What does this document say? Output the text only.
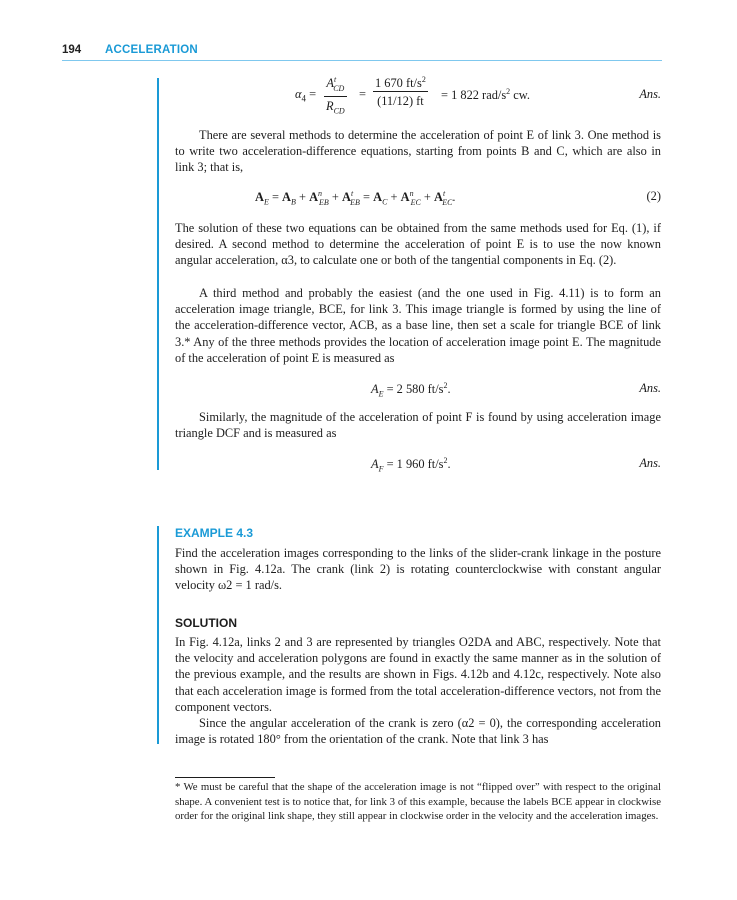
194 ACCELERATION
$\alpha_4 = \frac{A^t_{CD}}{R_{CD}} = \frac{1 670 ft/s^2}{(11/12) ft} = 1$ 822 rad/$s^2$ cw.	Ans.

There are several methods to determine the acceleration of point E of link 3. One method is to write two acceleration-difference equations, starting from points B and C, which are also in link 3; that is,

$A_E = A_B + A^n_{EB} + A^t_{EB} = A_C + A^n_{EC} + A^t_{EC}$.	(2)

The solution of these two equations can be obtained from the same methods used for Eq. (1), if desired. A second method to determine the acceleration of point E is to use the now known angular acceleration, α3, to calculate one or both of the tangential components in Eq. (2).

A third method and probably the easiest (and the one used in Fig. 4.11) is to form an acceleration image triangle, BCE, for link 3. This image triangle is formed by using the line of the acceleration-difference vector, ACB, as a base line, then set a scale for triangle BCE of link 3.* Any of the three methods provides the location of acceleration image point E. The magnitude of the acceleration of point E is measured as

$A_E = 2$ 580 $ft/s^2$.	Ans.

Similarly, the magnitude of the acceleration of point F is found by using acceleration image triangle DCF and is measured as

$A_F = 1$ 960 $ft/s^2$.	Ans.
EXAMPLE 4.3

Find the acceleration images corresponding to the links of the slider-crank linkage in the posture shown in Fig. 4.12a. The crank (link 2) is rotating counterclockwise with constant angular velocity ω2 = 1 rad/s.

SOLUTION

In Fig. 4.12a, links 2 and 3 are represented by triangles O2DA and ABC, respectively. Note that the velocity and acceleration polygons are found in exactly the same manner as in the solution of the previous example, and the results are shown in Figs. 4.12b and 4.12c, respectively. Note also that each acceleration image is formed from the total acceleration-difference vectors, not from the component vectors.

Since the angular acceleration of the crank is zero (α2 = 0), the corresponding acceleration image is rotated 180° from the orientation of the crank. Note that link 3 has

* We must be careful that the shape of the acceleration image is not “flipped over” with respect to the original shape. A convenient test is to notice that, for link 3 of this example, because the labels BCE appear in clockwise order for the original link shape, they still appear in clockwise order in the velocity and the acceleration images.
